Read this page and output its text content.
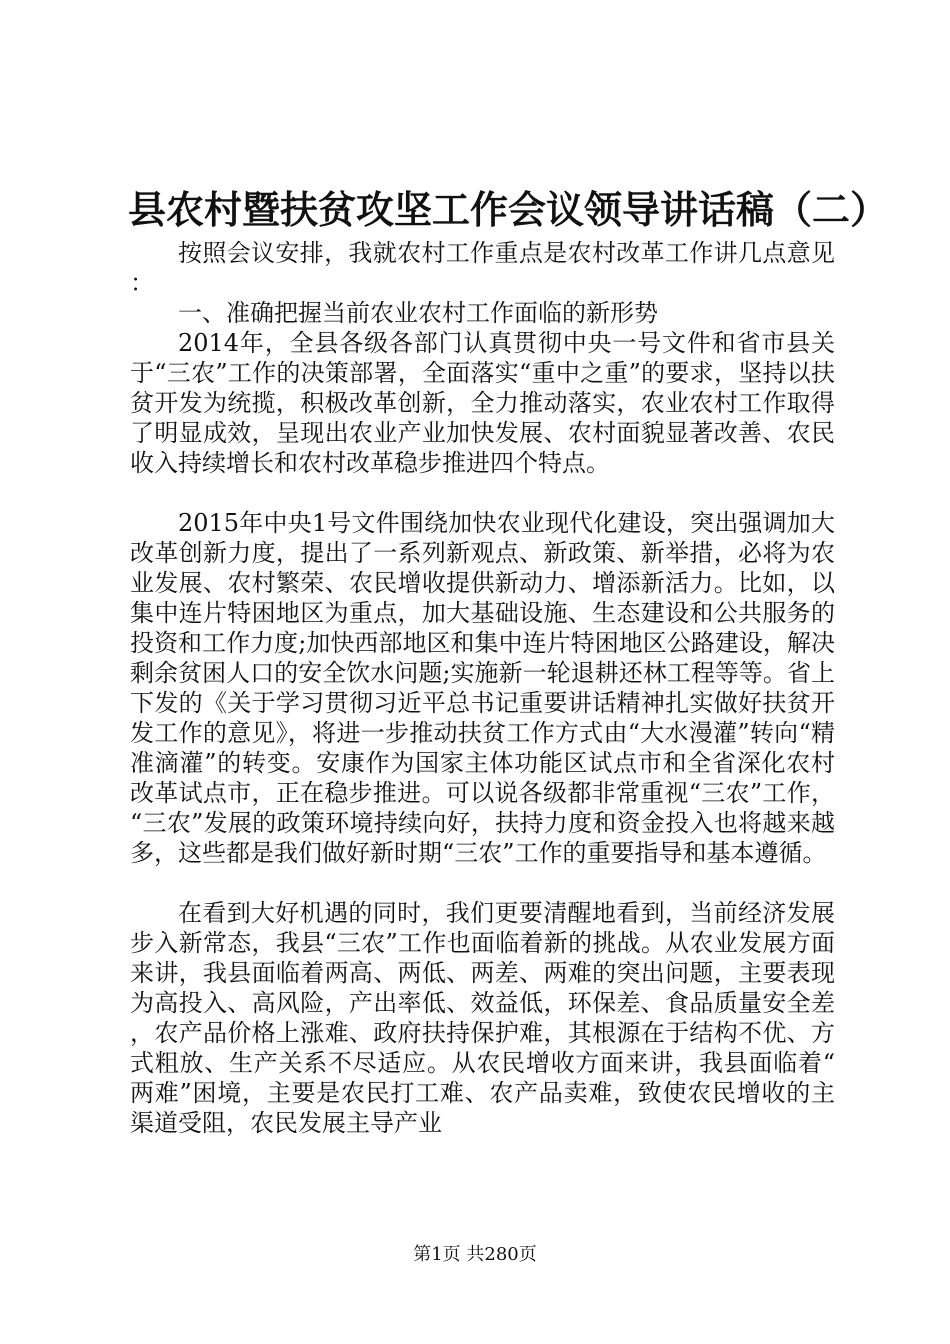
县农村暨扶贫攻坚工作会议领导讲话稿（二）

按照会议安排，我就农村工作重点是农村改革工作讲几点意见：

一、准确把握当前农业农村工作面临的新形势

2014年，全县各级各部门认真贯彻中央一号文件和省市县关于“三农”工作的决策部署，全面落实“重中之重”的要求，坚持以扶贫开发为统揽，积极改革创新，全力推动落实，农业农村工作取得了明显成效，呈现出农业产业加快发展、农村面貌显著改善、农民收入持续增长和农村改革稳步推进四个特点。

2015年中央1号文件围绕加快农业现代化建设，突出强调加大改革创新力度，提出了一系列新观点、新政策、新举措，必将为农业发展、农村繁荣、农民增收提供新动力、增添新活力。比如，以集中连片特困地区为重点，加大基础设施、生态建设和公共服务的投资和工作力度;加快西部地区和集中连片特困地区公路建设，解决剩余贫困人口的安全饮水问题;实施新一轮退耕还林工程等等。省上下发的《关于学习贯彻习近平总书记重要讲话精神扎实做好扶贫开发工作的意见》，将进一步推动扶贫工作方式由“大水漫灌”转向“精准滴灌”的转变。安康作为国家主体功能区试点市和全省深化农村改革试点市，正在稳步推进。可以说各级都非常重视“三农”工作，“三农”发展的政策环境持续向好，扶持力度和资金投入也将越来越多，这些都是我们做好新时期“三农”工作的重要指导和基本遵循。

在看到大好机遇的同时，我们更要清醒地看到，当前经济发展步入新常态，我县“三农”工作也面临着新的挑战。从农业发展方面来讲，我县面临着两高、两低、两差、两难的突出问题，主要表现为高投入、高风险，产出率低、效益低，环保差、食品质量安全差，农产品价格上涨难、政府扶持保护难，其根源在于结构不优、方式粗放、生产关系不尽适应。从农民增收方面来讲，我县面临着“两难”困境，主要是农民打工难、农产品卖难，致使农民增收的主渠道受阻，农民发展主导产业

第1页 共280页
